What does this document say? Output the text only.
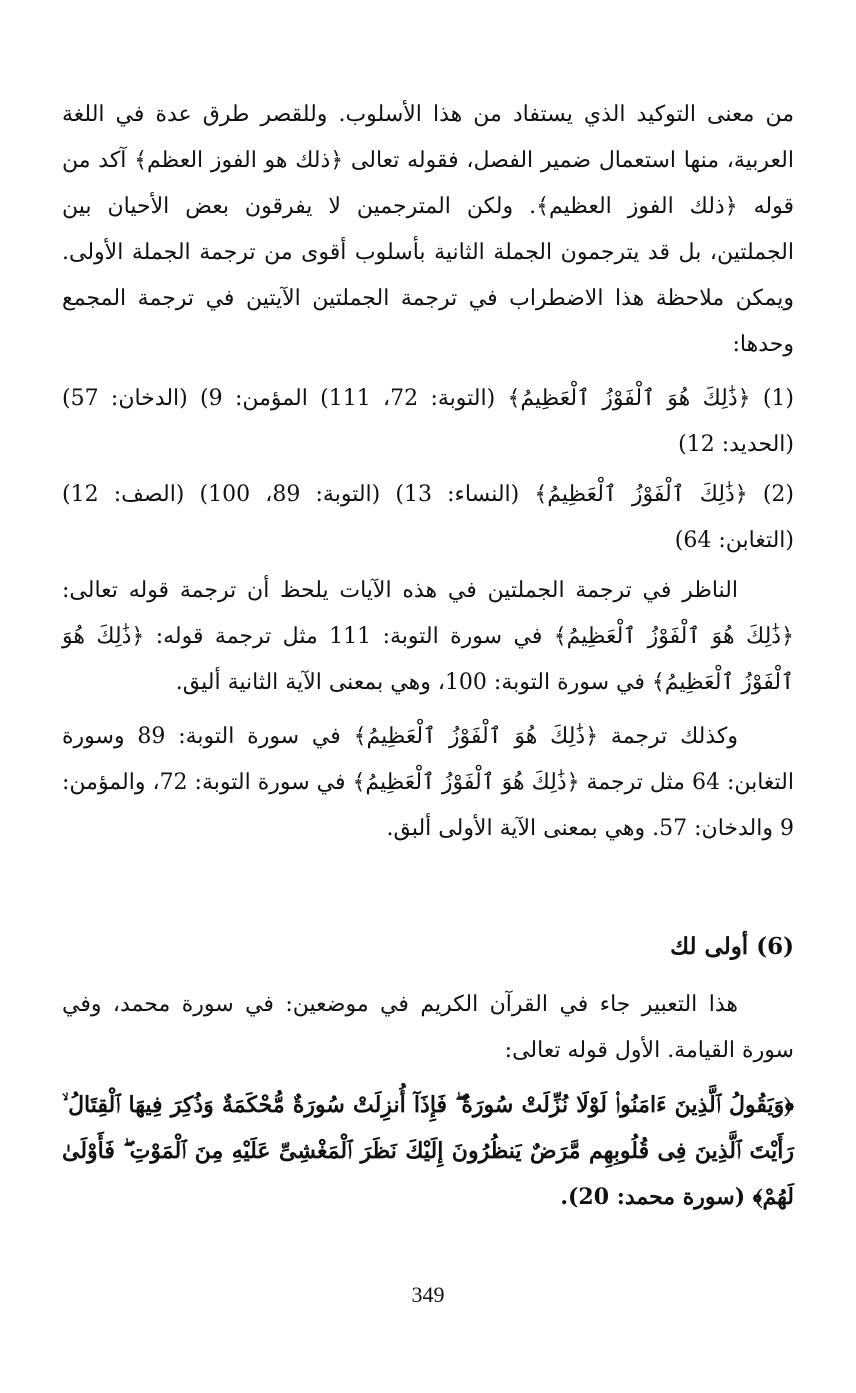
من معنى التوكيد الذي يستفاد من هذا الأسلوب. وللقصر طرق عدة في اللغة العربية، منها استعمال ضمير الفصل، فقوله تعالى ﴿ذلك هو الفوز العظم﴾ آكد من قوله ﴿ذلك الفوز العظيم﴾. ولكن المترجمين لا يفرقون بعض الأحيان بين الجملتين، بل قد يترجمون الجملة الثانية بأسلوب أقوى من ترجمة الجملة الأولى. ويمكن ملاحظة هذا الاضطراب في ترجمة الجملتين الآيتين في ترجمة المجمع وحدها:

(1) ﴿ذَٰلِكَ هُوَ ٱلْفَوْزُ ٱلْعَظِيمُ﴾ (التوبة: 72، 111) المؤمن: 9) (الدخان: 57) (الحديد: 12)

(2) ﴿ذَٰلِكَ ٱلْفَوْزُ ٱلْعَظِيمُ﴾ (النساء: 13) (التوبة: 89، 100) (الصف: 12) (التغابن: 64)

الناظر في ترجمة الجملتين في هذه الآيات يلحظ أن ترجمة قوله تعالى: ﴿ذَٰلِكَ هُوَ ٱلْفَوْزُ ٱلْعَظِيمُ﴾ في سورة التوبة: 111 مثل ترجمة قوله: ﴿ذَٰلِكَ هُوَ ٱلْفَوْزُ ٱلْعَظِيمُ﴾ في سورة التوبة: 100، وهي بمعنى الآية الثانية أليق.

وكذلك ترجمة ﴿ذَٰلِكَ هُوَ ٱلْفَوْزُ ٱلْعَظِيمُ﴾ في سورة التوبة: 89 وسورة التغابن: 64 مثل ترجمة ﴿ذَٰلِكَ هُوَ ٱلْفَوْزُ ٱلْعَظِيمُ﴾ في سورة التوبة: 72، والمؤمن: 9 والدخان: 57. وهي بمعنى الآية الأولى ألبق.

(6) أولى لك

هذا التعبير جاء في القرآن الكريم في موضعين: في سورة محمد، وفي سورة القيامة. الأول قوله تعالى:

﴿وَيَقُولُ ٱلَّذِينَ ءَامَنُوا۟ لَوْلَا نُزِّلَتْ سُورَةٌ ۖ فَإِذَآ أُنزِلَتْ سُورَةٌ مُّحْكَمَةٌ وَذُكِرَ فِيهَا ٱلْقِتَالُ ۙ رَأَيْتَ ٱلَّذِينَ فِى قُلُوبِهِم مَّرَضٌ يَنظُرُونَ إِلَيْكَ نَظَرَ ٱلْمَغْشِىِّ عَلَيْهِ مِنَ ٱلْمَوْتِ ۖ فَأَوْلَىٰ لَهُمْ﴾ (سورة محمد: 20).

349
